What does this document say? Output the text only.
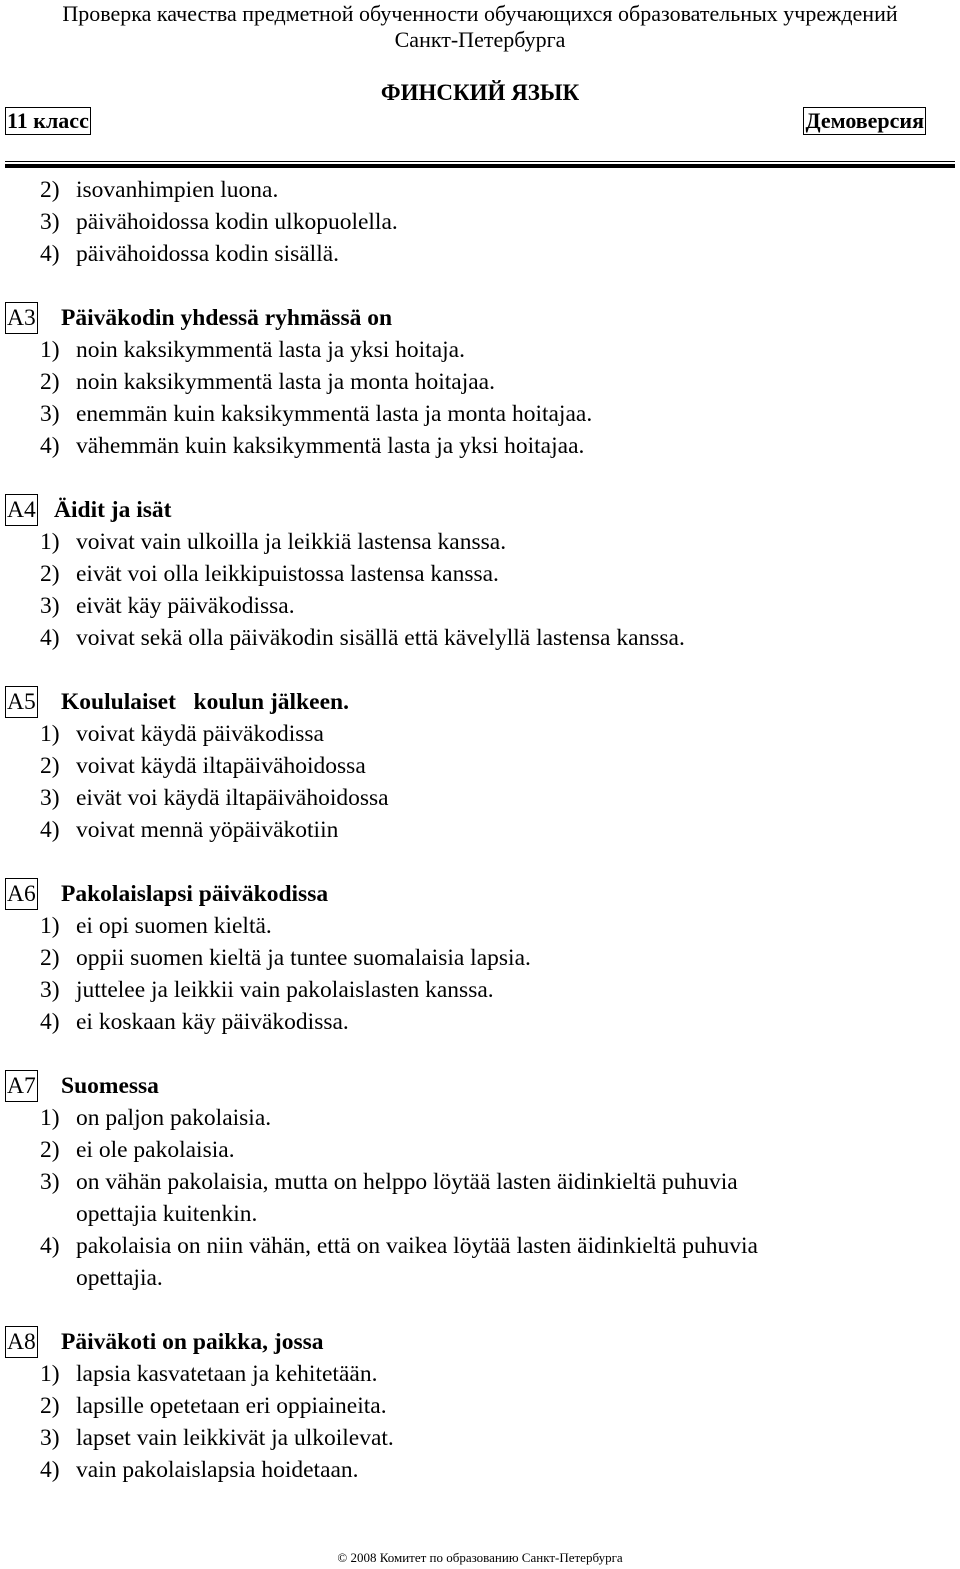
Проверка качества предметной обученности обучающихся образовательных учреждений
Санкт-Петербурга
ФИНСКИЙ ЯЗЫК
11 класс	Демоверсия
2) isovanhimpien luona.
3) päivähoidossa kodin ulkopuolella.
4) päivähoidossa kodin sisällä.
A3 Päiväkodin yhdessä ryhmässä on
1) noin kaksikymmentä lasta ja yksi hoitaja.
2) noin kaksikymmentä lasta ja monta hoitajaa.
3) enemmän kuin kaksikymmentä lasta ja monta hoitajaa.
4) vähemmän kuin kaksikymmentä lasta ja yksi hoitajaa.
A4 Äidit ja isät
1) voivat vain ulkoilla ja leikkiä lastensa kanssa.
2) eivät voi olla leikkipuistossa lastensa kanssa.
3) eivät käy päiväkodissa.
4) voivat sekä olla päiväkodin sisällä että kävelyllä lastensa kanssa.
A5 Koululaiset   koulun jälkeen.
1) voivat käydä päiväkodissa
2) voivat käydä iltapäivähoidossa
3) eivät voi käydä iltapäivähoidossa
4) voivat mennä yöpäiväkotiin
A6 Pakolaislapsi päiväkodissa
1) ei opi suomen kieltä.
2) oppii suomen kieltä ja tuntee suomalaisia lapsia.
3) juttelee ja leikkii vain pakolaislasten kanssa.
4) ei koskaan käy päiväkodissa.
A7 Suomessa
1) on paljon pakolaisia.
2) ei ole pakolaisia.
3) on vähän pakolaisia, mutta on helppo löytää lasten äidinkieltä puhuvia
opettajia kuitenkin.
4) pakolaisia on niin vähän, että on vaikea löytää lasten äidinkieltä puhuvia
opettajia.
A8 Päiväkoti on paikka, jossa
1) lapsia kasvatetaan ja kehitetään.
2) lapsille opetetaan eri oppiaineita.
3) lapset vain leikkivät ja ulkoilevat.
4) vain pakolaislapsia hoidetaan.
© 2008 Комитет по образованию Санкт-Петербурга
